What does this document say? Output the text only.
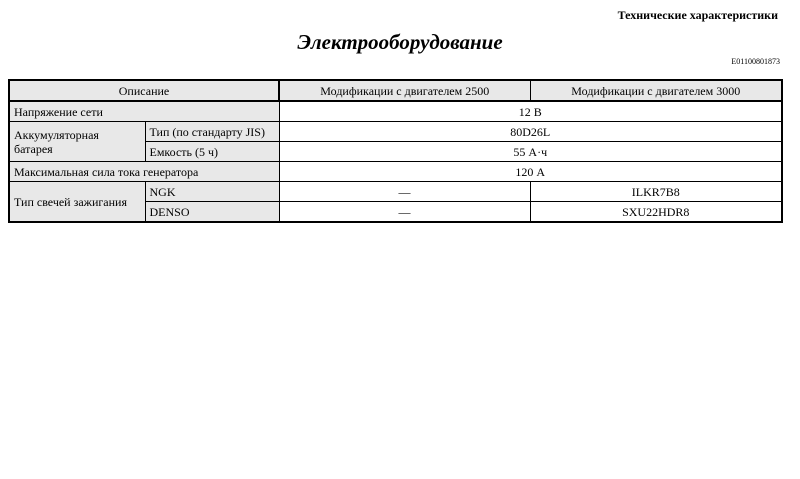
Технические характеристики
Электрооборудование
E01100801873
Описание		Модификации с двигателем 2500	Модификации с двигателем 3000
Напряжение сети		12 В	
Аккумуляторная батарея	Тип (по стандарту JIS)	80D26L	
	Емкость (5 ч)	55 А·ч	
Максимальная сила тока генератора		120 А	
Тип свечей зажигания	NGK	—	ILKR7B8
	DENSO	—	SXU22HDR8
